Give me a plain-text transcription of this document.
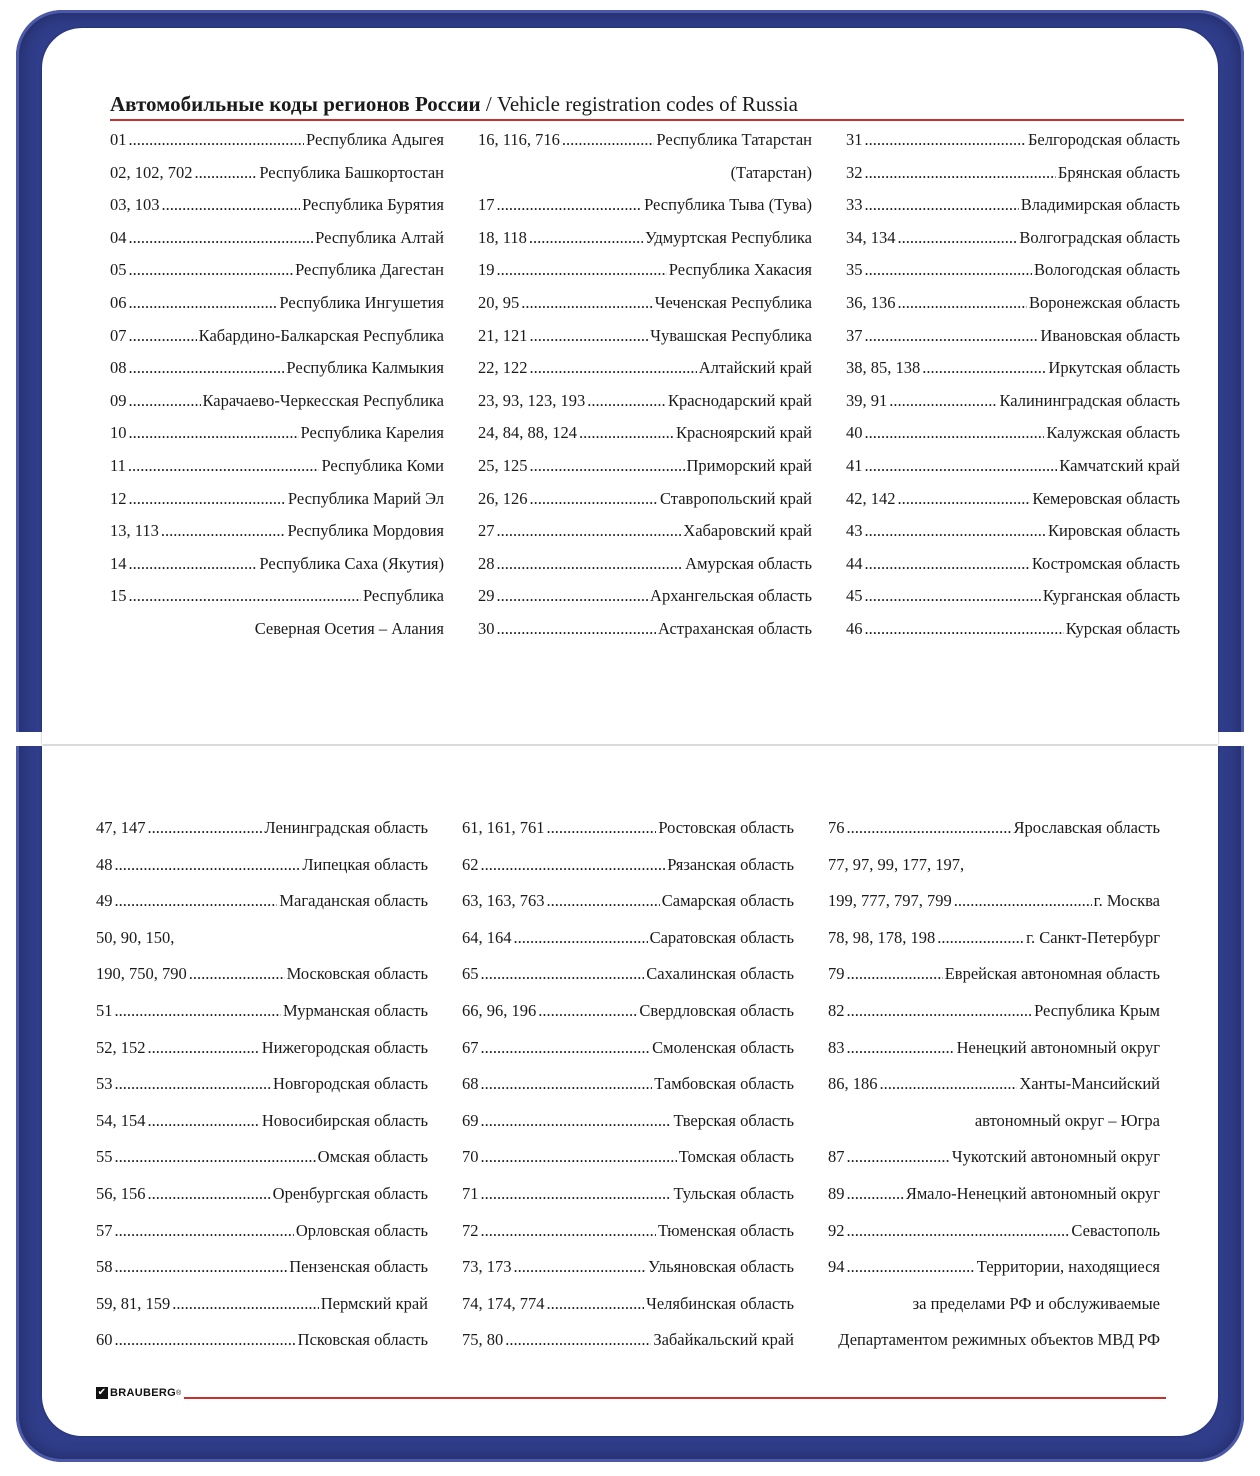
Автомобильные коды регионов России / Vehicle registration codes of Russia
01 .....	Республика Адыгея
02, 102, 702 .....	Республика Башкортостан
03, 103 .....	Республика Бурятия
04 .....	Республика Алтай
05 .....	Республика Дагестан
06 .....	Республика Ингушетия
07 .....	Кабардино-Балкарская Республика
08 .....	Республика Калмыкия
09 .....	Карачаево-Черкесская Республика
10 .....	Республика Карелия
11 .....	Республика Коми
12 .....	Республика Марий Эл
13, 113 .....	Республика Мордовия
14 .....	Республика Саха (Якутия)
15 .....	Республика
Северная Осетия – Алания
16, 116, 716 .....	Республика Татарстан
(Татарстан)
17 .....	Республика Тыва (Тува)
18, 118 .....	Удмуртская Республика
19 .....	Республика Хакасия
20, 95 .....	Чеченская Республика
21, 121 .....	Чувашская Республика
22, 122 .....	Алтайский край
23, 93, 123, 193 .....	Краснодарский край
24, 84, 88, 124 .....	Красноярский край
25, 125 .....	Приморский край
26, 126 .....	Ставропольский край
27 .....	Хабаровский край
28 .....	Амурская область
29 .....	Архангельская область
30 .....	Астраханская область
31 .....	Белгородская область
32 .....	Брянская область
33 .....	Владимирская область
34, 134 .....	Волгоградская область
35 .....	Вологодская область
36, 136 .....	Воронежская область
37 .....	Ивановская область
38, 85, 138 .....	Иркутская область
39, 91 .....	Калининградская область
40 .....	Калужская область
41 .....	Камчатский край
42, 142 .....	Кемеровская область
43 .....	Кировская область
44 .....	Костромская область
45 .....	Курганская область
46 .....	Курская область
47, 147 .....	Ленинградская область
48 .....	Липецкая область
49 .....	Магаданская область
50, 90, 150,
190, 750, 790 .....	Московская область
51 .....	Мурманская область
52, 152 .....	Нижегородская область
53 .....	Новгородская область
54, 154 .....	Новосибирская область
55 .....	Омская область
56, 156 .....	Оренбургская область
57 .....	Орловская область
58 .....	Пензенская область
59, 81, 159 .....	Пермский край
60 .....	Псковская область
61, 161, 761 .....	Ростовская область
62 .....	Рязанская область
63, 163, 763 .....	Самарская область
64, 164 .....	Саратовская область
65 .....	Сахалинская область
66, 96, 196 .....	Свердловская область
67 .....	Смоленская область
68 .....	Тамбовская область
69 .....	Тверская область
70 .....	Томская область
71 .....	Тульская область
72 .....	Тюменская область
73, 173 .....	Ульяновская область
74, 174, 774 .....	Челябинская область
75, 80 .....	Забайкальский край
76 .....	Ярославская область
77, 97, 99, 177, 197,
199, 777, 797, 799 .....	г. Москва
78, 98, 178, 198 .....	г. Санкт-Петербург
79 .....	Еврейская автономная область
82 .....	Республика Крым
83 .....	Ненецкий автономный округ
86, 186 .....	Ханты-Мансийский
автономный округ – Югра
87 .....	Чукотский автономный округ
89 .....	Ямало-Ненецкий автономный округ
92 .....	Севастополь
94 .....	Территории, находящиеся
за пределами РФ и обслуживаемые
Департаментом режимных объектов МВД РФ
✔ BRAUBERG ®
